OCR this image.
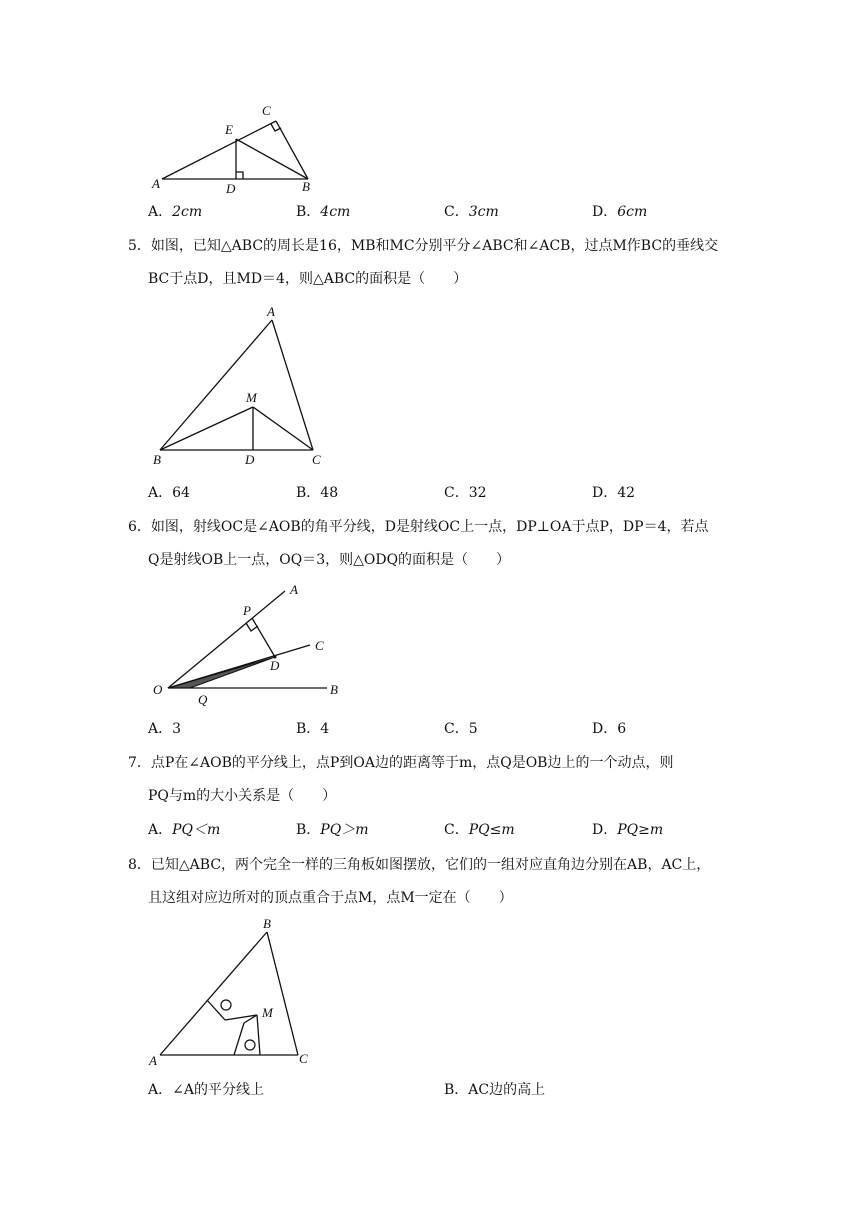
A	B
C
D
E
A．2cm	B．4cm	C．3cm	D．6cm
5．如图，已知△ABC的周长是16，MB和MC分别平分∠ABC和∠ACB，过点M作BC的垂线交
BC于点D，且MD＝4，则△ABC的面积是（　　）
A
B	C
D
M
A．64	B．48	C．32	D．42
6．如图，射线OC是∠AOB的角平分线，D是射线OC上一点，DP⊥OA于点P，DP＝4，若点
Q是射线OB上一点，OQ＝3，则△ODQ的面积是（　　）
A
B
C
D
O
P
Q
A．3	B．4	C．5	D．6
7．点P在∠AOB的平分线上，点P到OA边的距离等于m，点Q是OB边上的一个动点，则
PQ与m的大小关系是（　　）
A．PQ＜m	B．PQ＞m	C．PQ≤m	D．PQ≥m
8．已知△ABC，两个完全一样的三角板如图摆放，它们的一组对应直角边分别在AB，AC上，
且这组对应边所对的顶点重合于点M，点M一定在（　　）
A
B
C
M
A．∠A的平分线上	B．AC边的高上
